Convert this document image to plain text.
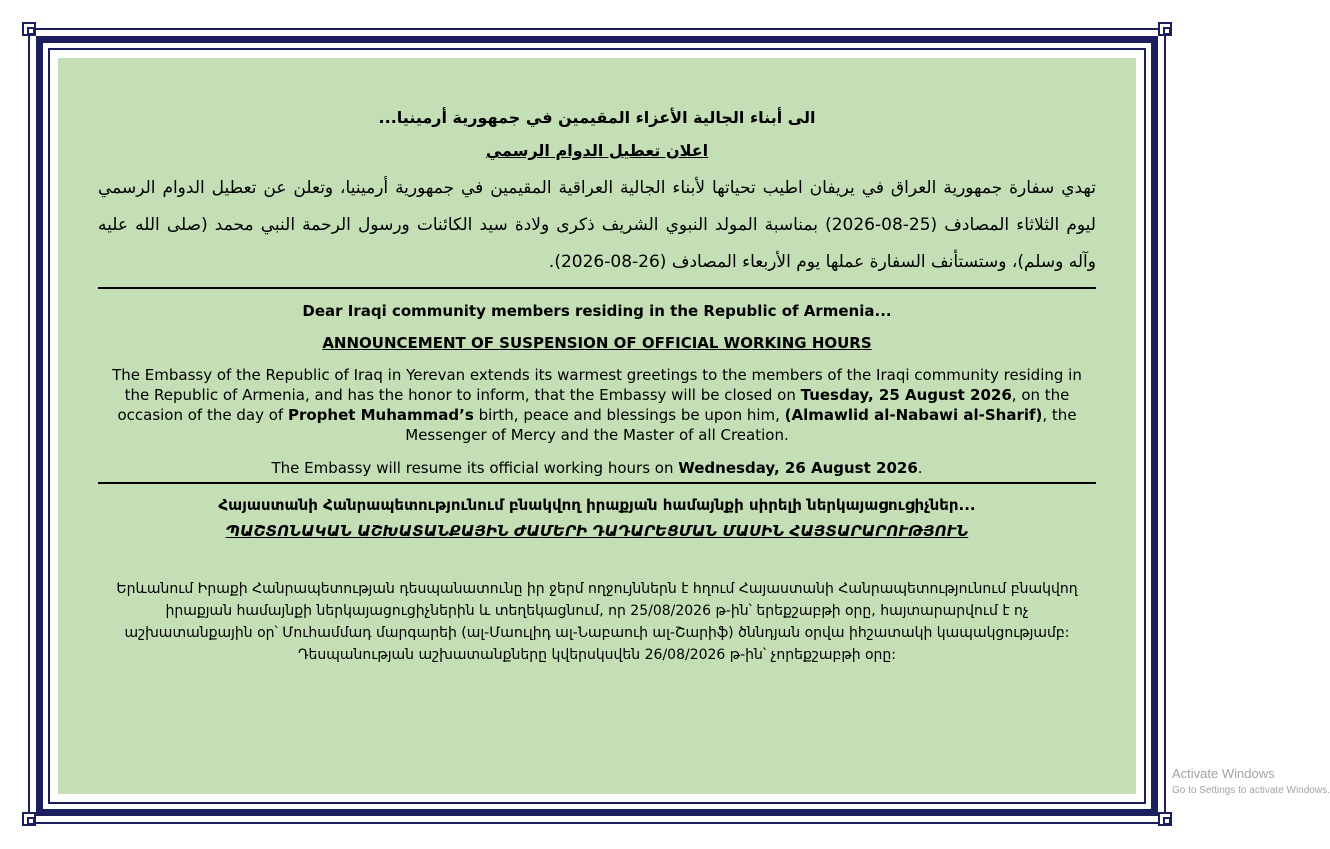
الى أبناء الجالية الأعزاء المقيمين في جمهورية أرمينيا...
اعلان تعطيل الدوام الرسمي
تهدي سفارة جمهورية العراق في يريفان اطيب تحياتها لأبناء الجالية العراقية المقيمين في جمهورية أرمينيا، وتعلن عن تعطيل الدوام الرسمي ليوم الثلاثاء المصادف (25-08-2026) بمناسبة المولد النبوي الشريف ذكرى ولادة سيد الكائنات ورسول الرحمة النبي محمد (صلى الله عليه وآله وسلم)، وستستأنف السفارة عملها يوم الأربعاء المصادف (26-08-2026).
Dear Iraqi community members residing in the Republic of Armenia...
ANNOUNCEMENT OF SUSPENSION OF OFFICIAL WORKING HOURS
The Embassy of the Republic of Iraq in Yerevan extends its warmest greetings to the members of the Iraqi community residing in the Republic of Armenia, and has the honor to inform, that the Embassy will be closed on Tuesday, 25 August 2026, on the occasion of the day of Prophet Muhammad’s birth, peace and blessings be upon him, (Almawlid al-Nabawi al-Sharif), the Messenger of Mercy and the Master of all Creation.
The Embassy will resume its official working hours on Wednesday, 26 August 2026.
Հայաստանի Հանրապետությունում բնակվող իրաքյան համայնքի սիրելի ներկայացուցիչներ...
ՊԱՇՏՈՆԱԿԱՆ ԱՇԽԱՏԱՆՔԱՅԻՆ ԺԱՄԵՐԻ ԴԱԴԱՐԵՑՄԱՆ ՄԱՍԻՆ ՀԱՅՏԱՐԱՐՈՒԹՅՈՒՆ
Երևանում Իրաքի Հանրապետության դեսպանատունը իր ջերմ ողջույններն է հղում Հայաստանի Հանրապետությունում բնակվող իրաքյան համայնքի ներկայացուցիչներին և տեղեկացնում, որ 25/08/2026 թ-ին՝ երեքշաբթի օրը, հայտարարվում է ոչ աշխատանքային օր՝ Մուհամմադ մարգարեի (ալ-Մաուլիդ ալ-Նաբաուի ալ-Շարիֆ) ծննդյան օրվա իհշատակի կապակցությամբ: Դեսպանության աշխատանքները կվերսկսվեն 26/08/2026 թ-ին՝ չորեքշաբթի օրը:
Activate Windows
Go to Settings to activate Windows.
